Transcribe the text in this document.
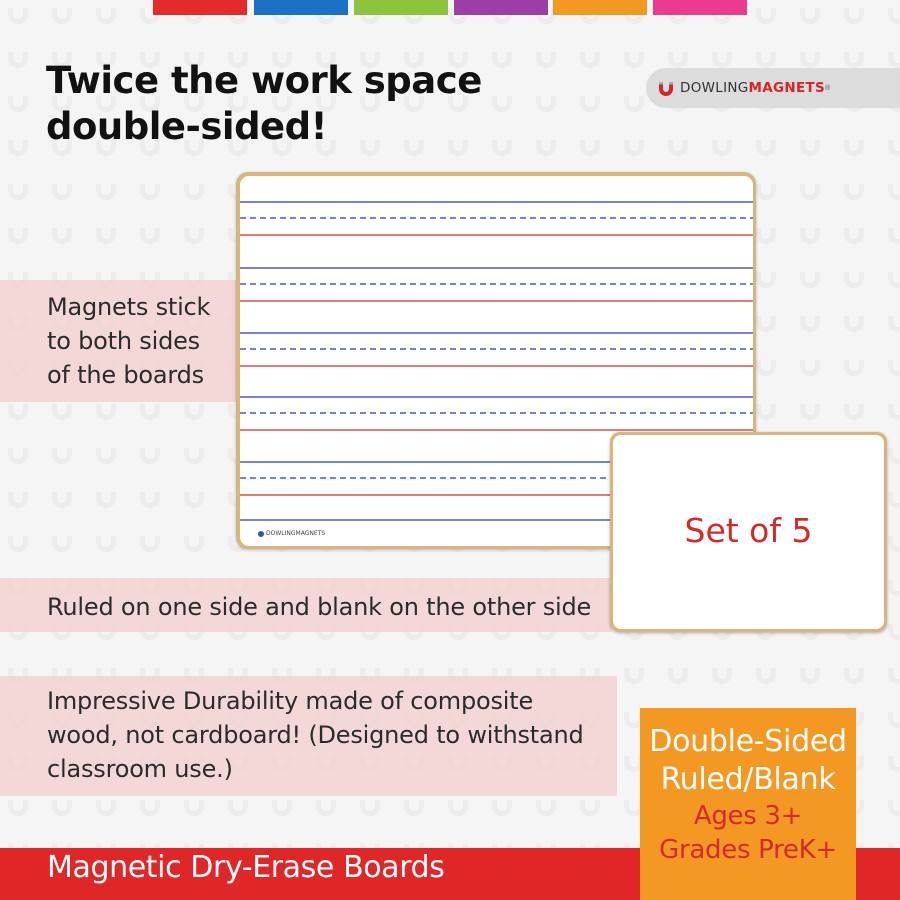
Twice the work space
double-sided!
DOWLING MAGNETS ®
Magnets stick
to both sides
of the boards
Ruled on one side and blank on the other side
Impressive Durability made of composite
wood, not cardboard! (Designed to withstand
classroom use.)
DOWLINGMAGNETS	Set of 5
Magnetic Dry-Erase Boards
Double-Sided
Ruled/Blank
Ages 3+
Grades PreK+
